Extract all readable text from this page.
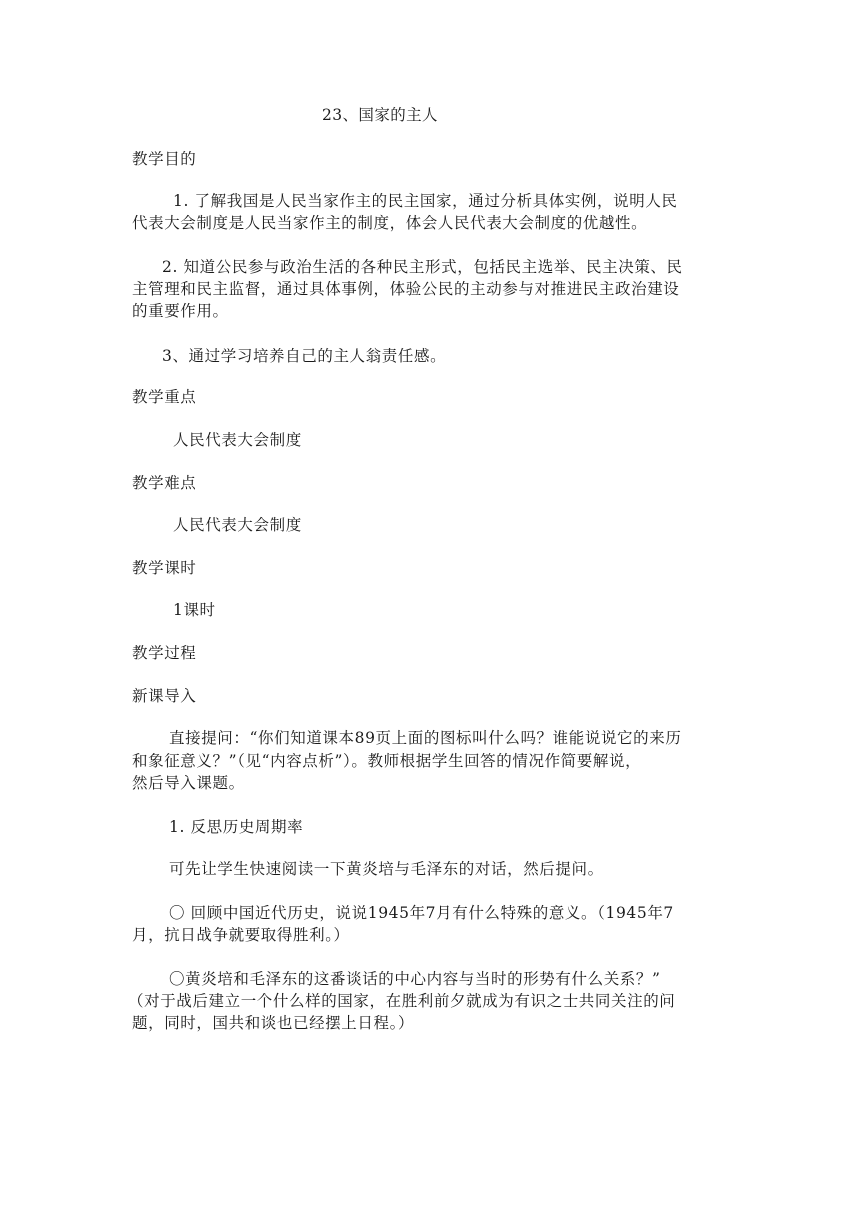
23、国家的主人
教学目的
1. 了解我国是人民当家作主的民主国家，通过分析具体实例，说明人民
代表大会制度是人民当家作主的制度，体会人民代表大会制度的优越性。
2. 知道公民参与政治生活的各种民主形式，包括民主选举、民主决策、民
主管理和民主监督，通过具体事例，体验公民的主动参与对推进民主政治建设
的重要作用。
3、通过学习培养自己的主人翁责任感。
教学重点
人民代表大会制度
教学难点
人民代表大会制度
教学课时
1课时
教学过程
新课导入
直接提问：“你们知道课本89页上面的图标叫什么吗？谁能说说它的来历
和象征意义？”（见“内容点析”）。教师根据学生回答的情况作简要解说，
然后导入课题。
1. 反思历史周期率
可先让学生快速阅读一下黄炎培与毛泽东的对话，然后提问。
〇 回顾中国近代历史，说说1945年7月有什么特殊的意义。（1945年7
月，抗日战争就要取得胜利。）
〇黄炎培和毛泽东的这番谈话的中心内容与当时的形势有什么关系？”
（对于战后建立一个什么样的国家，在胜利前夕就成为有识之士共同关注的问
题，同时，国共和谈也已经摆上日程。）
